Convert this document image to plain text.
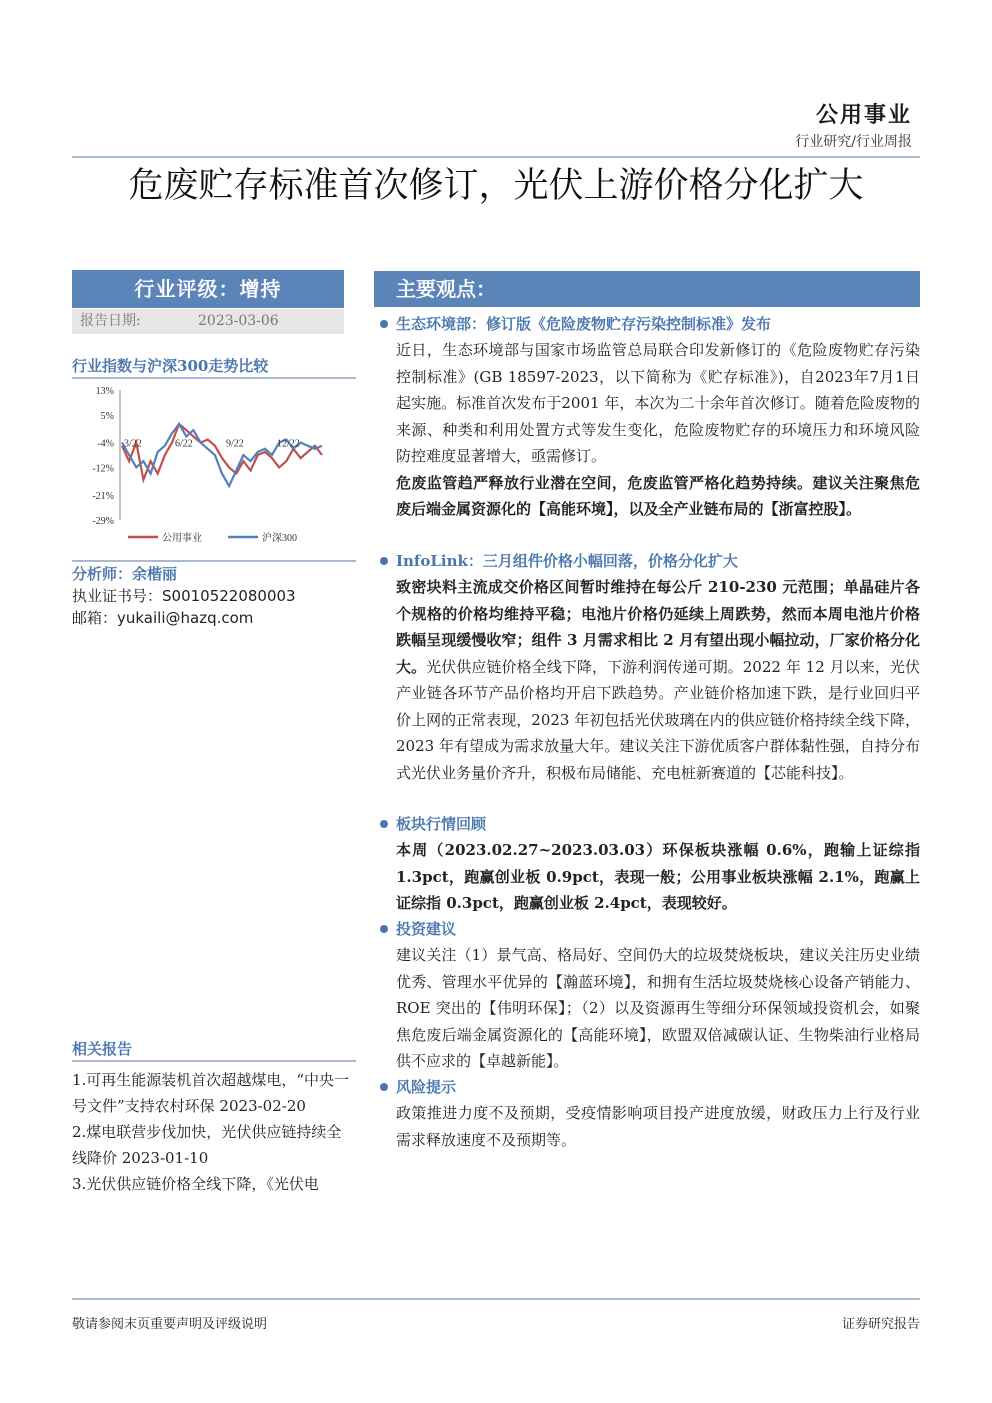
公用事业
行业研究/行业周报
危废贮存标准首次修订，光伏上游价格分化扩大
行业评级：增持
报告日期:	2023-03-06
行业指数与沪深300走势比较
13%
5%
-4%
-12%
-21%
-29%
3/22	6/22	9/22	12/22
公用事业	沪深300
分析师：余楷丽
执业证书号：S0010522080003
邮箱：yukaili@hazq.com
相关报告
1.可再生能源装机首次超越煤电，“中央一号文件”支持农村环保 2023-02-20
2.煤电联营步伐加快，光伏供应链持续全线降价 2023-01-10
3.光伏供应链价格全线下降，《光伏电
主要观点：
生态环境部：修订版《危险废物贮存污染控制标准》发布
近日，生态环境部与国家市场监管总局联合印发新修订的《危险废物贮存污染控制标准》(GB 18597-2023，以下简称为《贮存标准》)，自2023年7月1日起实施。标准首次发布于2001 年，本次为二十余年首次修订。随着危险废物的来源、种类和利用处置方式等发生变化，危险废物贮存的环境压力和环境风险防控难度显著增大，亟需修订。
危废监管趋严释放行业潜在空间，危废监管严格化趋势持续。建议关注聚焦危废后端金属资源化的【高能环境】，以及全产业链布局的【浙富控股】。
InfoLink：三月组件价格小幅回落，价格分化扩大
致密块料主流成交价格区间暂时维持在每公斤 210-230 元范围；单晶硅片各个规格的价格均维持平稳；电池片价格仍延续上周跌势，然而本周电池片价格跌幅呈现缓慢收窄；组件 3 月需求相比 2 月有望出现小幅拉动，厂家价格分化大。光伏供应链价格全线下降，下游利润传递可期。2022 年 12 月以来，光伏产业链各环节产品价格均开启下跌趋势。产业链价格加速下跌，是行业回归平价上网的正常表现，2023 年初包括光伏玻璃在内的供应链价格持续全线下降，2023 年有望成为需求放量大年。建议关注下游优质客户群体黏性强，自持分布式光伏业务量价齐升，积极布局储能、充电桩新赛道的【芯能科技】。
板块行情回顾
本周（2023.02.27~2023.03.03）环保板块涨幅 0.6%，跑输上证综指 1.3pct，跑赢创业板 0.9pct，表现一般；公用事业板块涨幅 2.1%，跑赢上证综指 0.3pct，跑赢创业板 2.4pct，表现较好。
投资建议
建议关注（1）景气高、格局好、空间仍大的垃圾焚烧板块，建议关注历史业绩优秀、管理水平优异的【瀚蓝环境】，和拥有生活垃圾焚烧核心设备产销能力、ROE 突出的【伟明环保】；（2）以及资源再生等细分环保领域投资机会，如聚焦危废后端金属资源化的【高能环境】，欧盟双倍减碳认证、生物柴油行业格局供不应求的【卓越新能】。
风险提示
政策推进力度不及预期，受疫情影响项目投产进度放缓，财政压力上行及行业需求释放速度不及预期等。
敬请参阅末页重要声明及评级说明	证券研究报告
